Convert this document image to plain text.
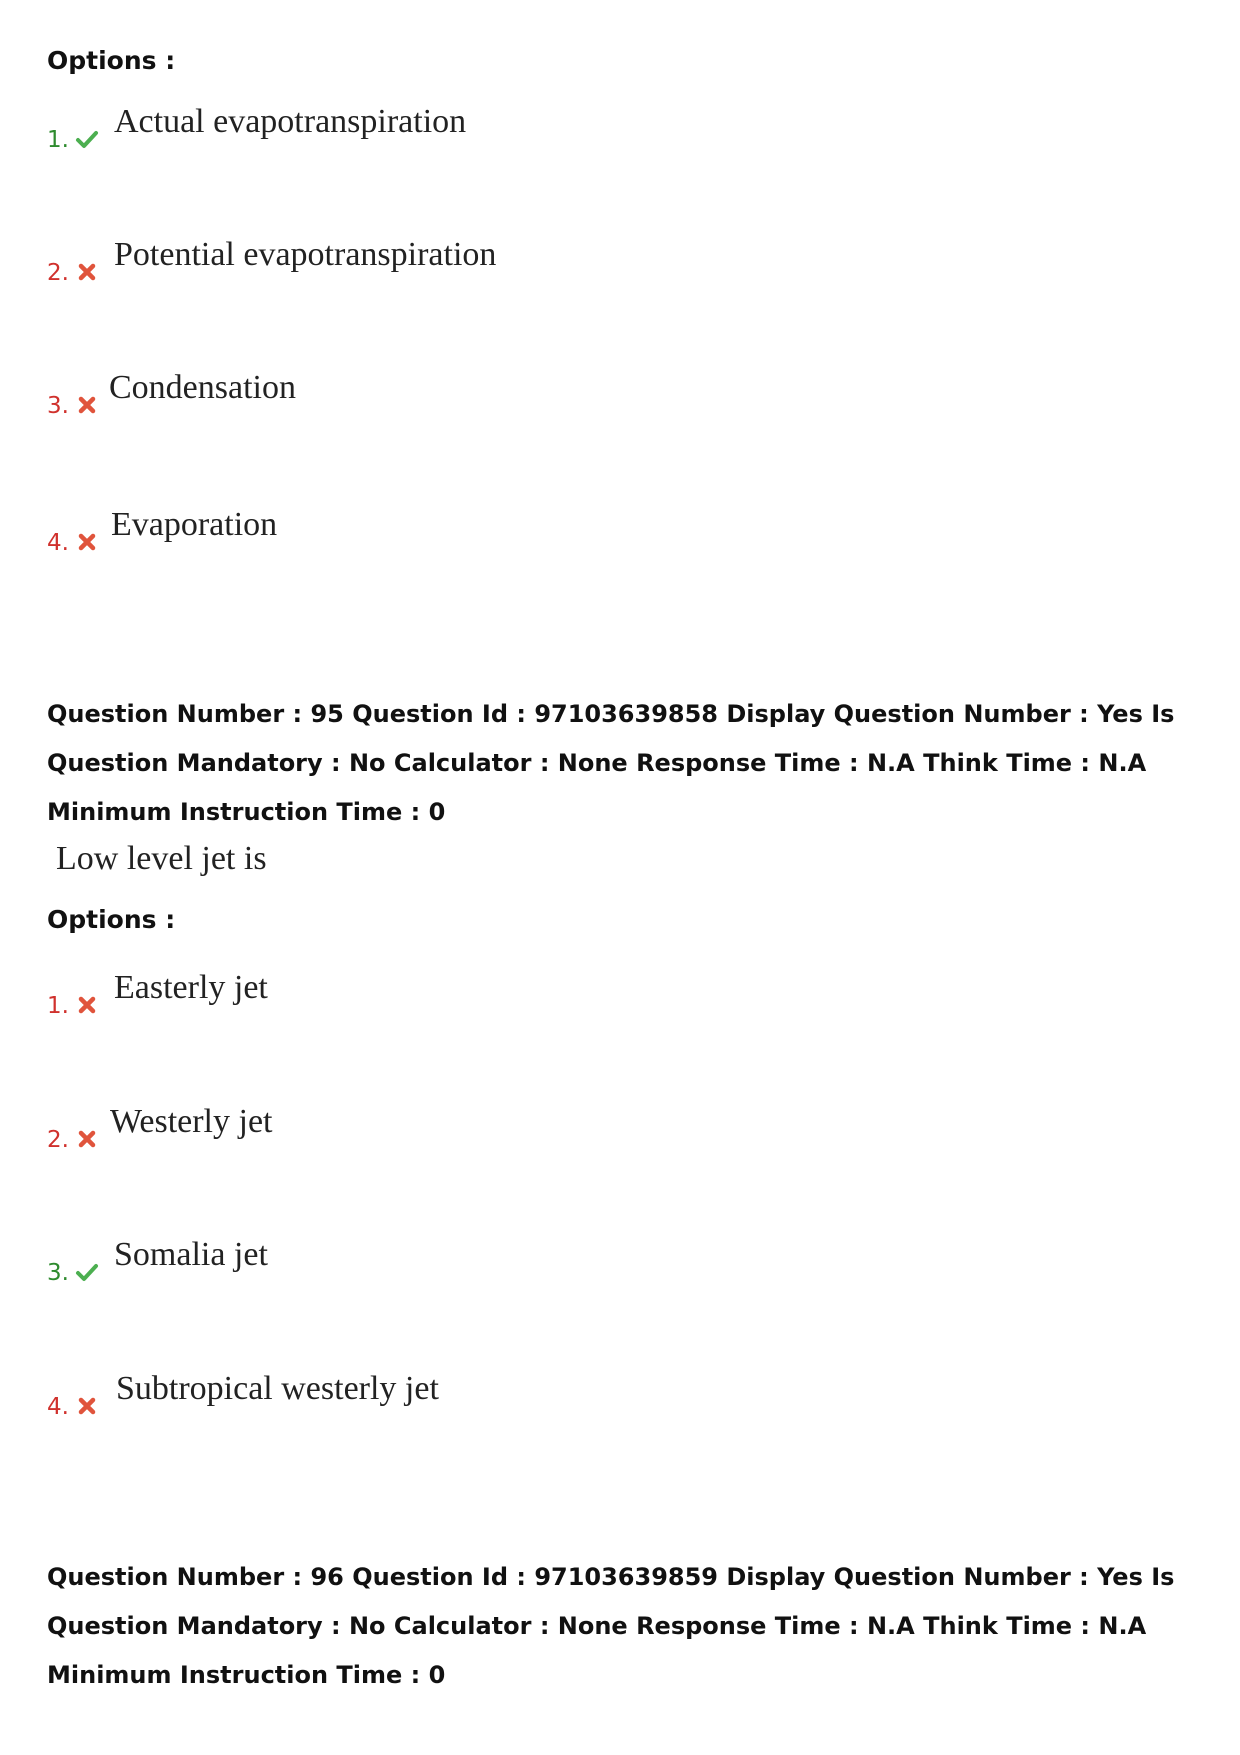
Options :
1. Actual evapotranspiration
2. Potential evapotranspiration
3. Condensation
4. Evaporation
Question Number : 95 Question Id : 97103639858 Display Question Number : Yes Is Question Mandatory : No Calculator : None Response Time : N.A Think Time : N.A Minimum Instruction Time : 0
Low level jet is
Options :
1. Easterly jet
2. Westerly jet
3. Somalia jet
4. Subtropical westerly jet
Question Number : 96 Question Id : 97103639859 Display Question Number : Yes Is Question Mandatory : No Calculator : None Response Time : N.A Think Time : N.A Minimum Instruction Time : 0
